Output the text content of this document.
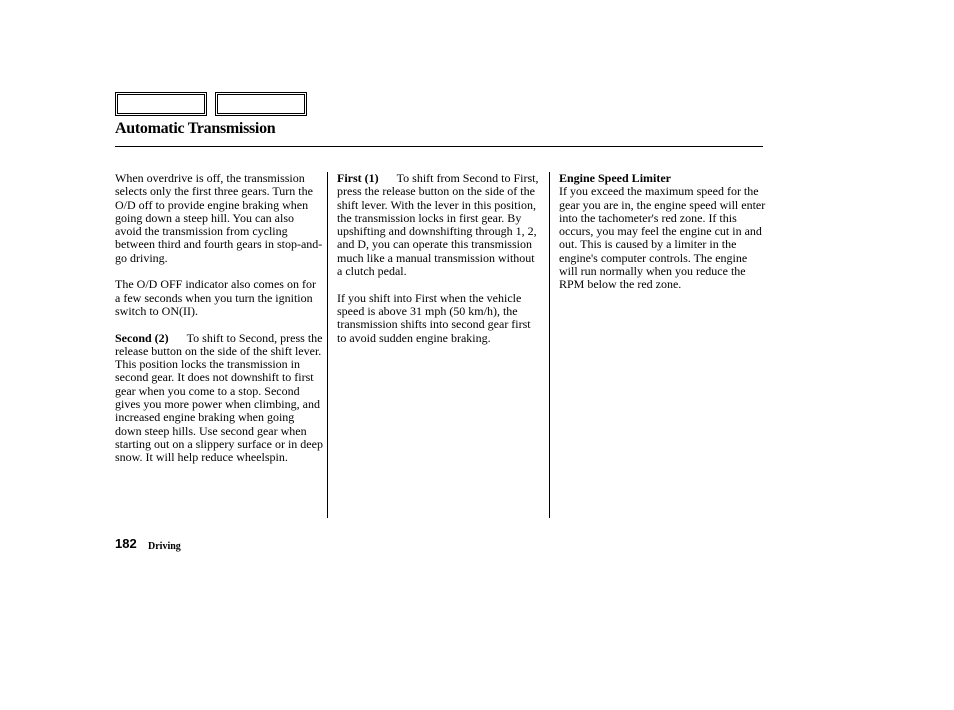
Automatic Transmission

When overdrive is off, the transmission selects only the first three gears. Turn the O/D off to provide engine braking when going down a steep hill. You can also avoid the transmission from cycling between third and fourth gears in stop-and-go driving.

The O/D OFF indicator also comes on for a few seconds when you turn the ignition switch to ON(II).

Second (2) To shift to Second, press the release button on the side of the shift lever. This position locks the transmission in second gear. It does not downshift to first gear when you come to a stop. Second gives you more power when climbing, and increased engine braking when going down steep hills. Use second gear when starting out on a slippery surface or in deep snow. It will help reduce wheelspin.

First (1) To shift from Second to First, press the release button on the side of the shift lever. With the lever in this position, the transmission locks in first gear. By upshifting and downshifting through 1, 2, and D, you can operate this transmission much like a manual transmission without a clutch pedal.

If you shift into First when the vehicle speed is above 31 mph (50 km/h), the transmission shifts into second gear first to avoid sudden engine braking.

Engine Speed Limiter

If you exceed the maximum speed for the gear you are in, the engine speed will enter into the tachometer's red zone. If this occurs, you may feel the engine cut in and out. This is caused by a limiter in the engine's computer controls. The engine will run normally when you reduce the RPM below the red zone.

182 Driving
